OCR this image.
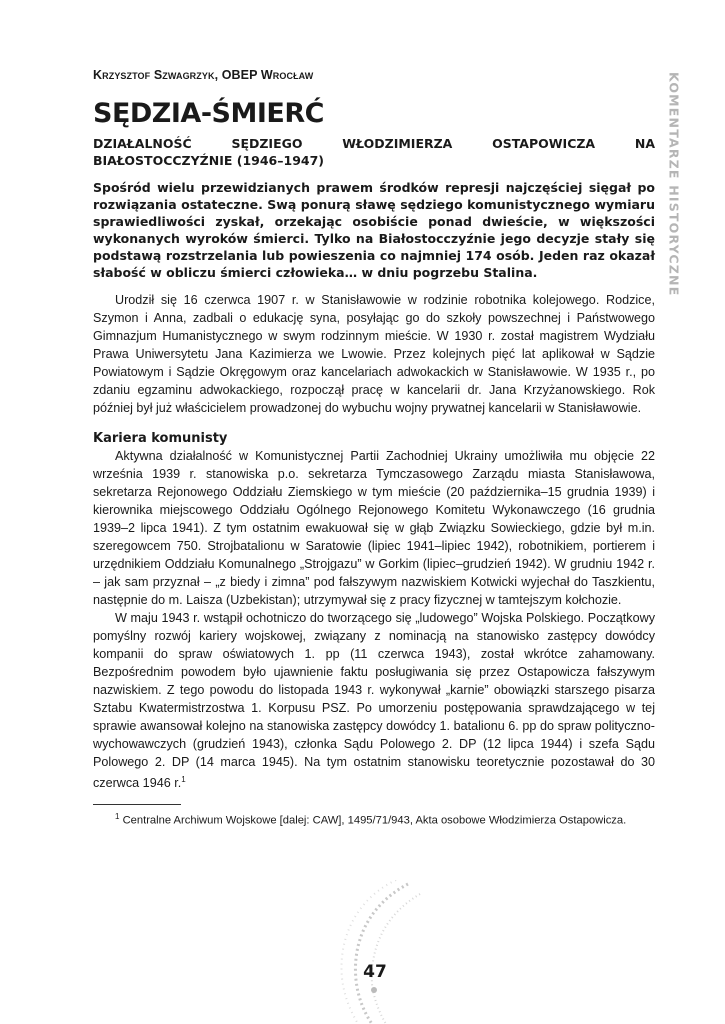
Krzysztof Szwagrzyk, OBEP Wrocław

SĘDZIA-ŚMIERĆ

DZIAŁALNOŚĆ SĘDZIEGO WŁODZIMIERZA OSTAPOWICZA NA BIAŁOSTOCCZYŹNIE (1946–1947)

Spośród wielu przewidzianych prawem środków represji najczęściej sięgał po rozwiązania ostateczne. Swą ponurą sławę sędziego komunistycznego wymiaru sprawiedliwości zyskał, orzekając osobiście ponad dwieście, w większości wykonanych wyroków śmierci. Tylko na Białostocczyźnie jego decyzje stały się podstawą rozstrzelania lub powieszenia co najmniej 174 osób. Jeden raz okazał słabość w obliczu śmierci człowieka… w dniu pogrzebu Stalina.

Urodził się 16 czerwca 1907 r. w Stanisławowie w rodzinie robotnika kolejowego. Rodzice, Szymon i Anna, zadbali o edukację syna, posyłając go do szkoły powszechnej i Państwowego Gimnazjum Humanistycznego w swym rodzinnym mieście. W 1930 r. został magistrem Wydziału Prawa Uniwersytetu Jana Kazimierza we Lwowie. Przez kolejnych pięć lat aplikował w Sądzie Powiatowym i Sądzie Okręgowym oraz kancelariach adwokackich w Stanisławowie. W 1935 r., po zdaniu egzaminu adwokackiego, rozpoczął pracę w kancelarii dr. Jana Krzyżanowskiego. Rok później był już właścicielem prowadzonej do wybuchu wojny prywatnej kancelarii w Stanisławowie.

Kariera komunisty

Aktywna działalność w Komunistycznej Partii Zachodniej Ukrainy umożliwiła mu objęcie 22 września 1939 r. stanowiska p.o. sekretarza Tymczasowego Zarządu miasta Stanisławowa, sekretarza Rejonowego Oddziału Ziemskiego w tym mieście (20 października–15 grudnia 1939) i kierownika miejscowego Oddziału Ogólnego Rejonowego Komitetu Wykonawczego (16 grudnia 1939–2 lipca 1941). Z tym ostatnim ewakuował się w głąb Związku Sowieckiego, gdzie był m.in. szeregowcem 750. Strojbatalionu w Saratowie (lipiec 1941–lipiec 1942), robotnikiem, portierem i urzędnikiem Oddziału Komunalnego „Strojgazu” w Gorkim (lipiec–grudzień 1942). W grudniu 1942 r. – jak sam przyznał – „z biedy i zimna” pod fałszywym nazwiskiem Kotwicki wyjechał do Taszkientu, następnie do m. Laisza (Uzbekistan); utrzymywał się z pracy fizycznej w tamtejszym kołchozie.

W maju 1943 r. wstąpił ochotniczo do tworzącego się „ludowego” Wojska Polskiego. Początkowy pomyślny rozwój kariery wojskowej, związany z nominacją na stanowisko zastępcy dowódcy kompanii do spraw oświatowych 1. pp (11 czerwca 1943), został wkrótce zahamowany. Bezpośrednim powodem było ujawnienie faktu posługiwania się przez Ostapowicza fałszywym nazwiskiem. Z tego powodu do listopada 1943 r. wykonywał „karnie” obowiązki starszego pisarza Sztabu Kwatermistrzostwa 1. Korpusu PSZ. Po umorzeniu postępowania sprawdzającego w tej sprawie awansował kolejno na stanowiska zastępcy dowódcy 1. batalionu 6. pp do spraw polityczno-wychowawczych (grudzień 1943), członka Sądu Polowego 2. DP (12 lipca 1944) i szefa Sądu Polowego 2. DP (14 marca 1945). Na tym ostatnim stanowisku teoretycznie pozostawał do 30 czerwca 1946 r.$^1$

$^1$ Centralne Archiwum Wojskowe [dalej: CAW], 1495/71/943, Akta osobowe Włodzimierza Ostapowicza.

KOMENTARZE HISTORYCZNE
47
